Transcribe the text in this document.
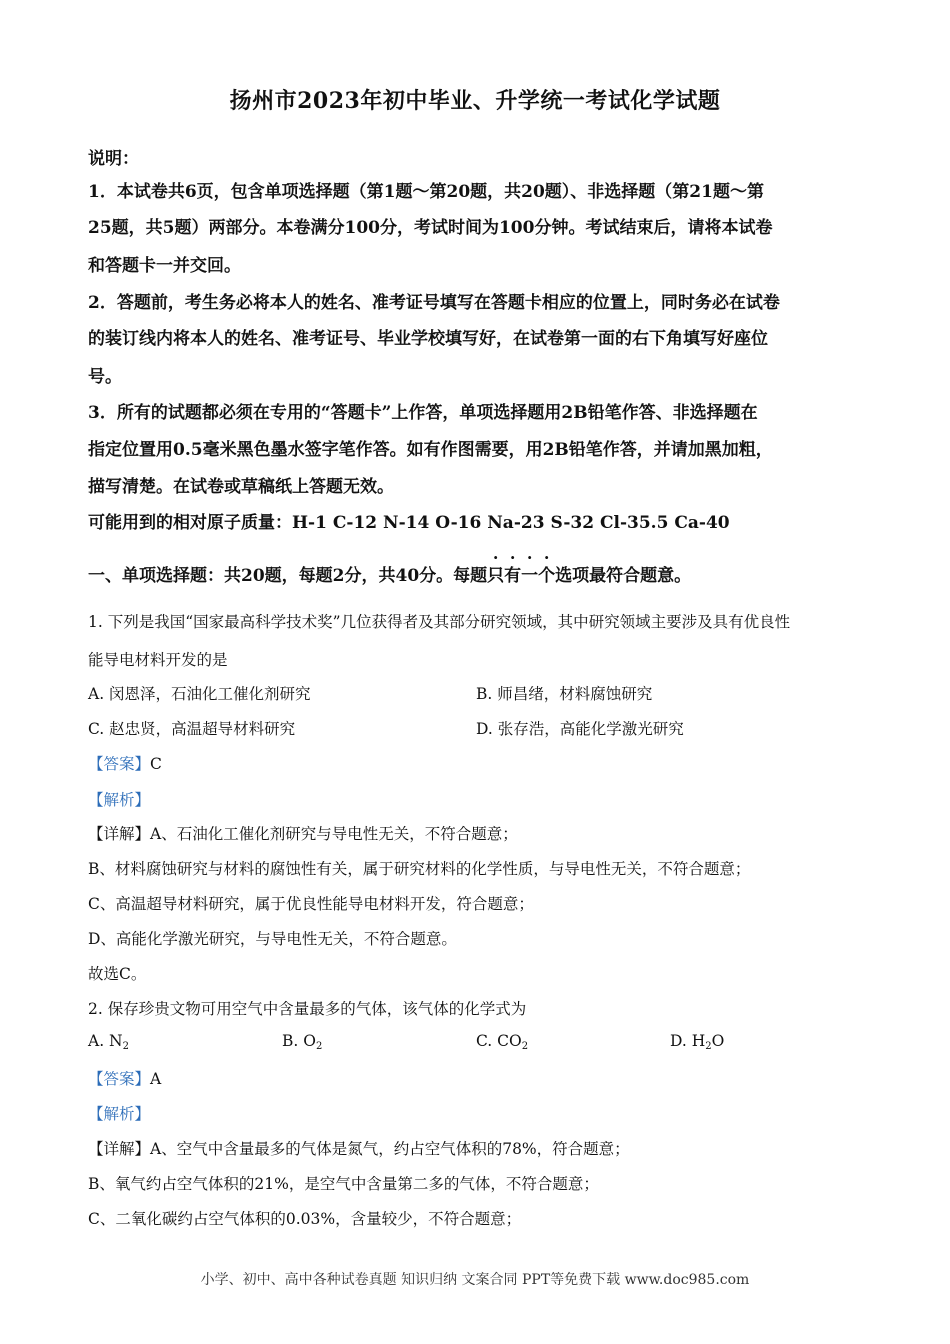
扬州市2023年初中毕业、升学统一考试化学试题
说明：
1．本试卷共6页，包含单项选择题（第1题～第20题，共20题）、非选择题（第21题～第
25题，共5题）两部分。本卷满分100分，考试时间为100分钟。考试结束后，请将本试卷
和答题卡一并交回。
2．答题前，考生务必将本人的姓名、准考证号填写在答题卡相应的位置上，同时务必在试卷
的装订线内将本人的姓名、准考证号、毕业学校填写好，在试卷第一面的右下角填写好座位
号。
3．所有的试题都必须在专用的“答题卡”上作答，单项选择题用2B铅笔作答、非选择题在
指定位置用0.5毫米黑色墨水签字笔作答。如有作图需要，用2B铅笔作答，并请加黑加粗，
描写清楚。在试卷或草稿纸上答题无效。
可能用到的相对原子质量：H-1 C-12 N-14 O-16 Na-23 S-32 Cl-35.5 Ca-40
一、单项选择题：共20题，每题2分，共40分。每题只有一个选项最符合题意。
1. 下列是我国“国家最高科学技术奖”几位获得者及其部分研究领域，其中研究领域主要涉及具有优良性
能导电材料开发的是
A. 闵恩泽，石油化工催化剂研究	B. 师昌绪，材料腐蚀研究
C. 赵忠贤，高温超导材料研究	D. 张存浩，高能化学激光研究
【答案】C
【解析】
【详解】A、石油化工催化剂研究与导电性无关，不符合题意；
B、材料腐蚀研究与材料的腐蚀性有关，属于研究材料的化学性质，与导电性无关，不符合题意；
C、高温超导材料研究，属于优良性能导电材料开发，符合题意；
D、高能化学激光研究，与导电性无关，不符合题意。
故选C。
2. 保存珍贵文物可用空气中含量最多的气体，该气体的化学式为
A. $N_2$	B. $O_2$	C. $CO_2$	D. $H_2O$
【答案】A
【解析】
【详解】A、空气中含量最多的气体是氮气，约占空气体积的78%，符合题意；
B、氧气约占空气体积的21%，是空气中含量第二多的气体，不符合题意；
C、二氧化碳约占空气体积的0.03%，含量较少，不符合题意；
小学、初中、高中各种试卷真题 知识归纳 文案合同 PPT等免费下载 www.doc985.com
